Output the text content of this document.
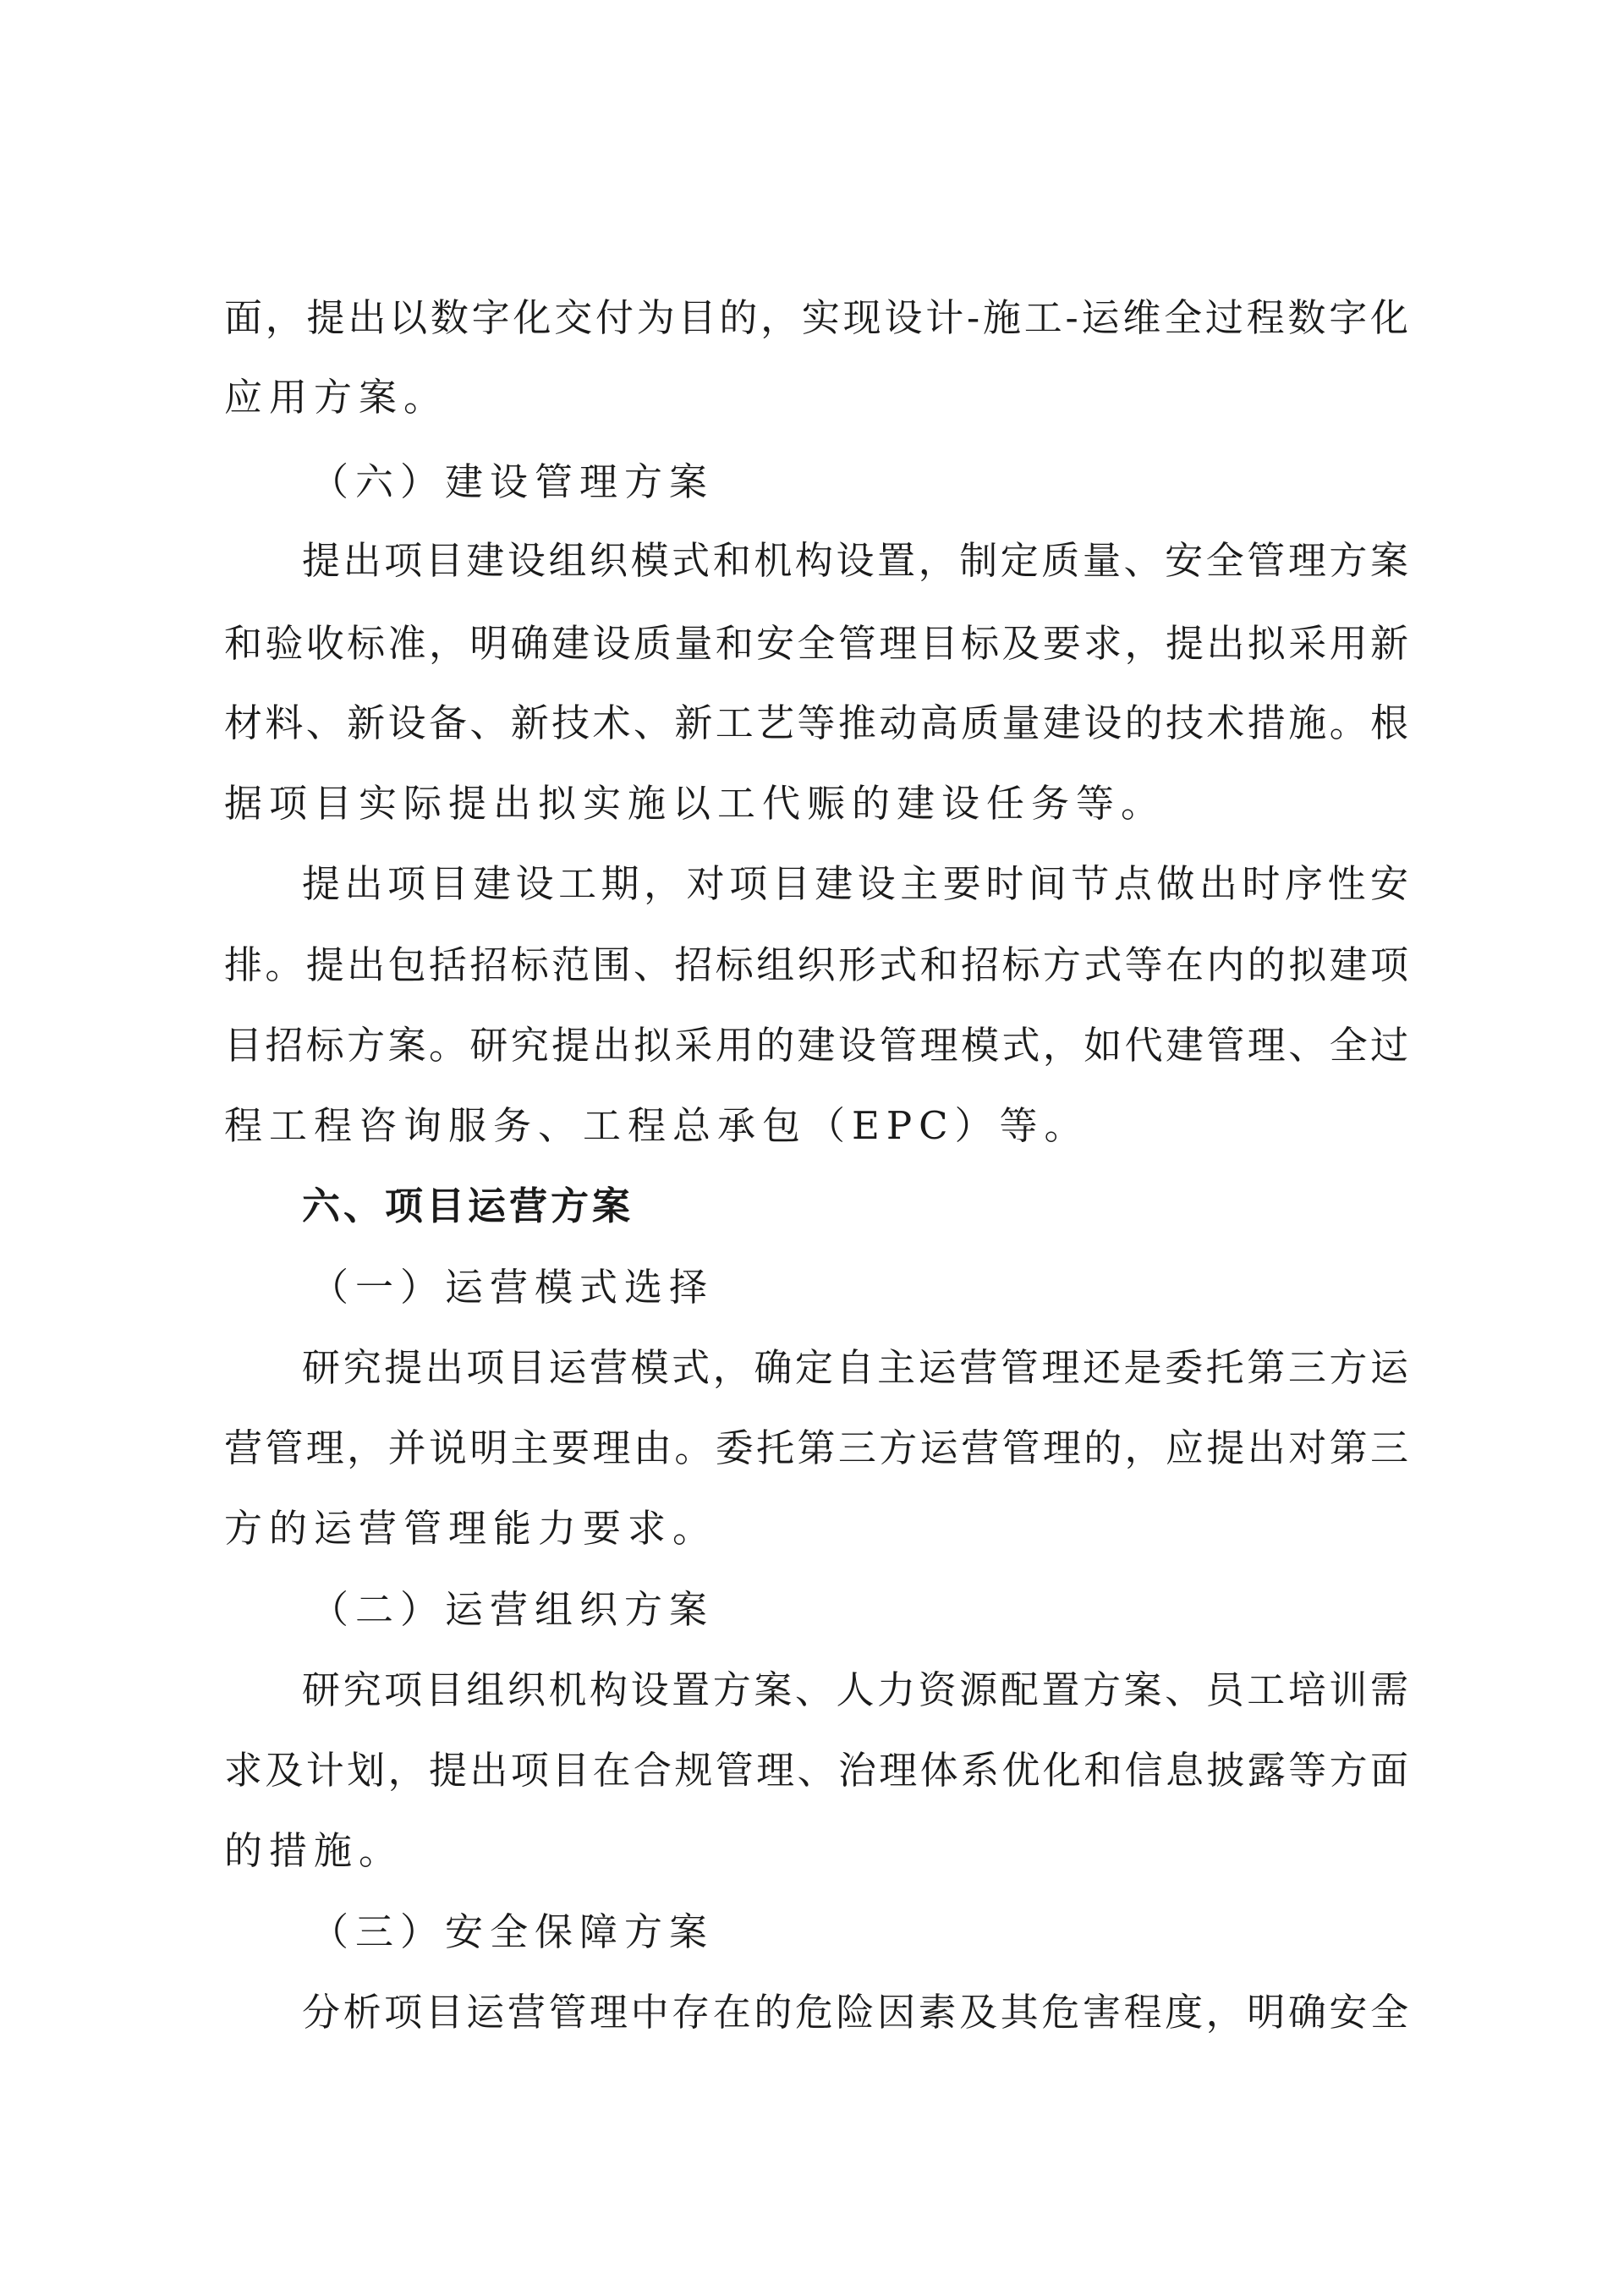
面，提出以数字化交付为目的，实现设计-施工-运维全过程数字化
应用方案。
（六）建设管理方案
提出项目建设组织模式和机构设置，制定质量、安全管理方案
和验收标准，明确建设质量和安全管理目标及要求，提出拟采用新
材料、新设备、新技术、新工艺等推动高质量建设的技术措施。根
据项目实际提出拟实施以工代赈的建设任务等。
提出项目建设工期，对项目建设主要时间节点做出时序性安
排。提出包括招标范围、招标组织形式和招标方式等在内的拟建项
目招标方案。研究提出拟采用的建设管理模式，如代建管理、全过
程工程咨询服务、工程总承包（EPC）等。
六、项目运营方案
（一）运营模式选择
研究提出项目运营模式，确定自主运营管理还是委托第三方运
营管理，并说明主要理由。委托第三方运营管理的，应提出对第三
方的运营管理能力要求。
（二）运营组织方案
研究项目组织机构设置方案、人力资源配置方案、员工培训需
求及计划，提出项目在合规管理、治理体系优化和信息披露等方面
的措施。
（三）安全保障方案
分析项目运营管理中存在的危险因素及其危害程度，明确安全
